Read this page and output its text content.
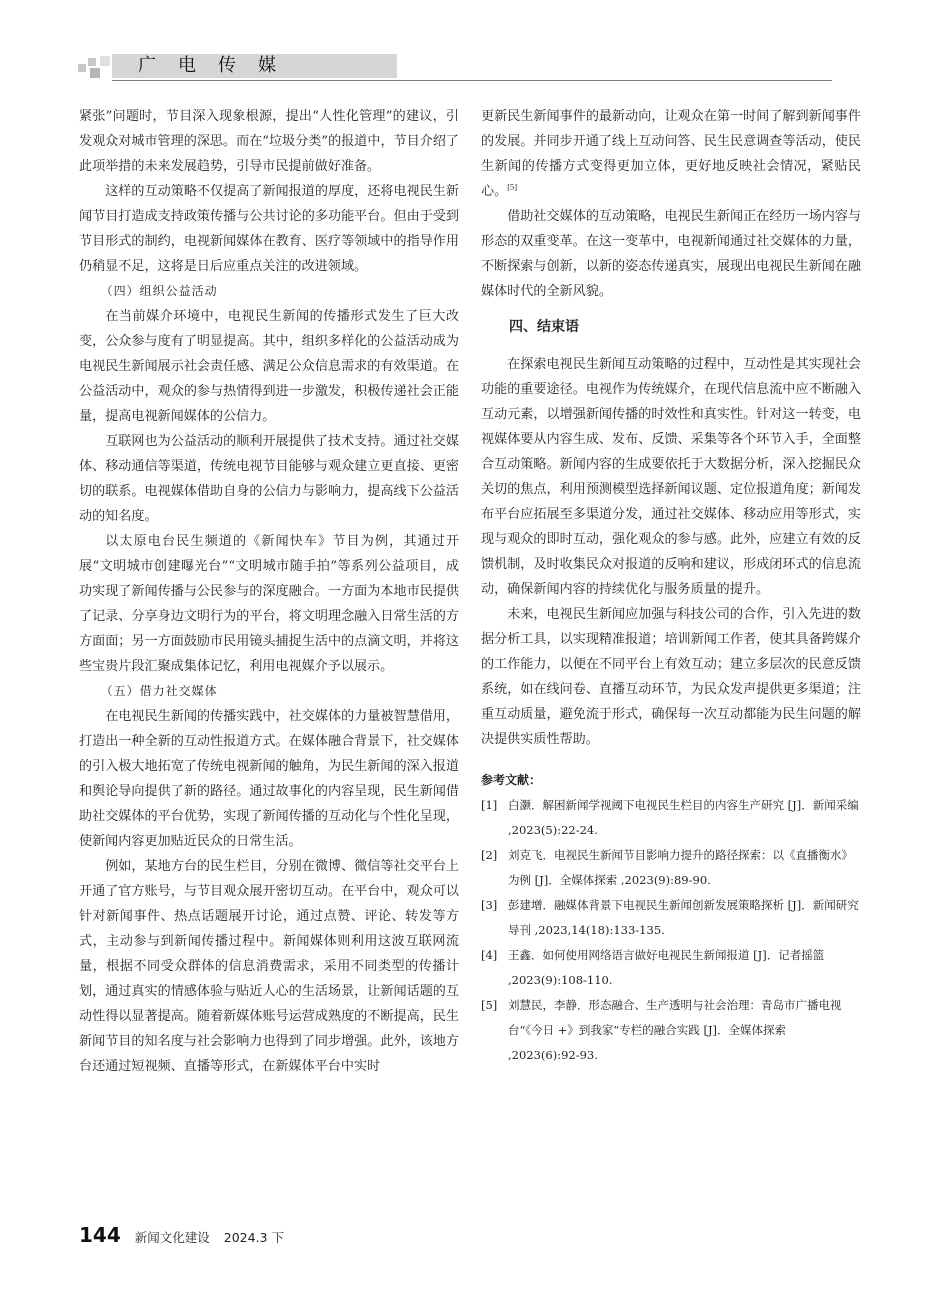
广电传媒

紧张”问题时，节目深入现象根源，提出“人性化管理”的建议，引发观众对城市管理的深思。而在“垃圾分类”的报道中，节目介绍了此项举措的未来发展趋势，引导市民提前做好准备。

这样的互动策略不仅提高了新闻报道的厚度，还将电视民生新闻节目打造成支持政策传播与公共讨论的多功能平台。但由于受到节目形式的制约，电视新闻媒体在教育、医疗等领域中的指导作用仍稍显不足，这将是日后应重点关注的改进领域。

（四）组织公益活动

在当前媒介环境中，电视民生新闻的传播形式发生了巨大改变，公众参与度有了明显提高。其中，组织多样化的公益活动成为电视民生新闻展示社会责任感、满足公众信息需求的有效渠道。在公益活动中，观众的参与热情得到进一步激发，积极传递社会正能量，提高电视新闻媒体的公信力。

互联网也为公益活动的顺利开展提供了技术支持。通过社交媒体、移动通信等渠道，传统电视节目能够与观众建立更直接、更密切的联系。电视媒体借助自身的公信力与影响力，提高线下公益活动的知名度。

以太原电台民生频道的《新闻快车》节目为例，其通过开展“文明城市创建曝光台”“文明城市随手拍”等系列公益项目，成功实现了新闻传播与公民参与的深度融合。一方面为本地市民提供了记录、分享身边文明行为的平台，将文明理念融入日常生活的方方面面；另一方面鼓励市民用镜头捕捉生活中的点滴文明，并将这些宝贵片段汇聚成集体记忆，利用电视媒介予以展示。

（五）借力社交媒体

在电视民生新闻的传播实践中，社交媒体的力量被智慧借用，打造出一种全新的互动性报道方式。在媒体融合背景下，社交媒体的引入极大地拓宽了传统电视新闻的触角，为民生新闻的深入报道和舆论导向提供了新的路径。通过故事化的内容呈现，民生新闻借助社交媒体的平台优势，实现了新闻传播的互动化与个性化呈现，使新闻内容更加贴近民众的日常生活。

例如，某地方台的民生栏目，分别在微博、微信等社交平台上开通了官方账号，与节目观众展开密切互动。在平台中，观众可以针对新闻事件、热点话题展开讨论，通过点赞、评论、转发等方式，主动参与到新闻传播过程中。新闻媒体则利用这波互联网流量，根据不同受众群体的信息消费需求，采用不同类型的传播计划，通过真实的情感体验与贴近人心的生活场景，让新闻话题的互动性得以显著提高。随着新媒体账号运营成熟度的不断提高，民生新闻节目的知名度与社会影响力也得到了同步增强。此外，该地方台还通过短视频、直播等形式，在新媒体平台中实时

更新民生新闻事件的最新动向，让观众在第一时间了解到新闻事件的发展。并同步开通了线上互动问答、民生民意调查等活动，使民生新闻的传播方式变得更加立体，更好地反映社会情况，紧贴民心。[5]

借助社交媒体的互动策略，电视民生新闻正在经历一场内容与形态的双重变革。在这一变革中，电视新闻通过社交媒体的力量，不断探索与创新，以新的姿态传递真实，展现出电视民生新闻在融媒体时代的全新风貌。

四、结束语

在探索电视民生新闻互动策略的过程中，互动性是其实现社会功能的重要途径。电视作为传统媒介，在现代信息流中应不断融入互动元素，以增强新闻传播的时效性和真实性。针对这一转变，电视媒体要从内容生成、发布、反馈、采集等各个环节入手，全面整合互动策略。新闻内容的生成要依托于大数据分析，深入挖掘民众关切的焦点，利用预测模型选择新闻议题、定位报道角度；新闻发布平台应拓展至多渠道分发，通过社交媒体、移动应用等形式，实现与观众的即时互动，强化观众的参与感。此外，应建立有效的反馈机制，及时收集民众对报道的反响和建议，形成闭环式的信息流动，确保新闻内容的持续优化与服务质量的提升。

未来，电视民生新闻应加强与科技公司的合作，引入先进的数据分析工具，以实现精准报道；培训新闻工作者，使其具备跨媒介的工作能力，以便在不同平台上有效互动；建立多层次的民意反馈系统，如在线问卷、直播互动环节，为民众发声提供更多渠道；注重互动质量，避免流于形式，确保每一次互动都能为民生问题的解决提供实质性帮助。

参考文献：
[1] 白灏．解困新闻学视阈下电视民生栏目的内容生产研究 [J]．新闻采编 ,2023(5):22-24.
[2] 刘克飞．电视民生新闻节目影响力提升的路径探索：以《直播衡水》为例 [J]．全媒体探索 ,2023(9):89-90.
[3] 彭建增．融媒体背景下电视民生新闻创新发展策略探析 [J]．新闻研究导刊 ,2023,14(18):133-135.
[4] 王鑫．如何使用网络语言做好电视民生新闻报道 [J]．记者摇篮 ,2023(9):108-110.
[5] 刘慧民，李静．形态融合、生产透明与社会治理：青岛市广播电视台“《今日 +》到我家”专栏的融合实践 [J]．全媒体探索 ,2023(6):92-93.
144 新闻文化建设 2024.3 下
